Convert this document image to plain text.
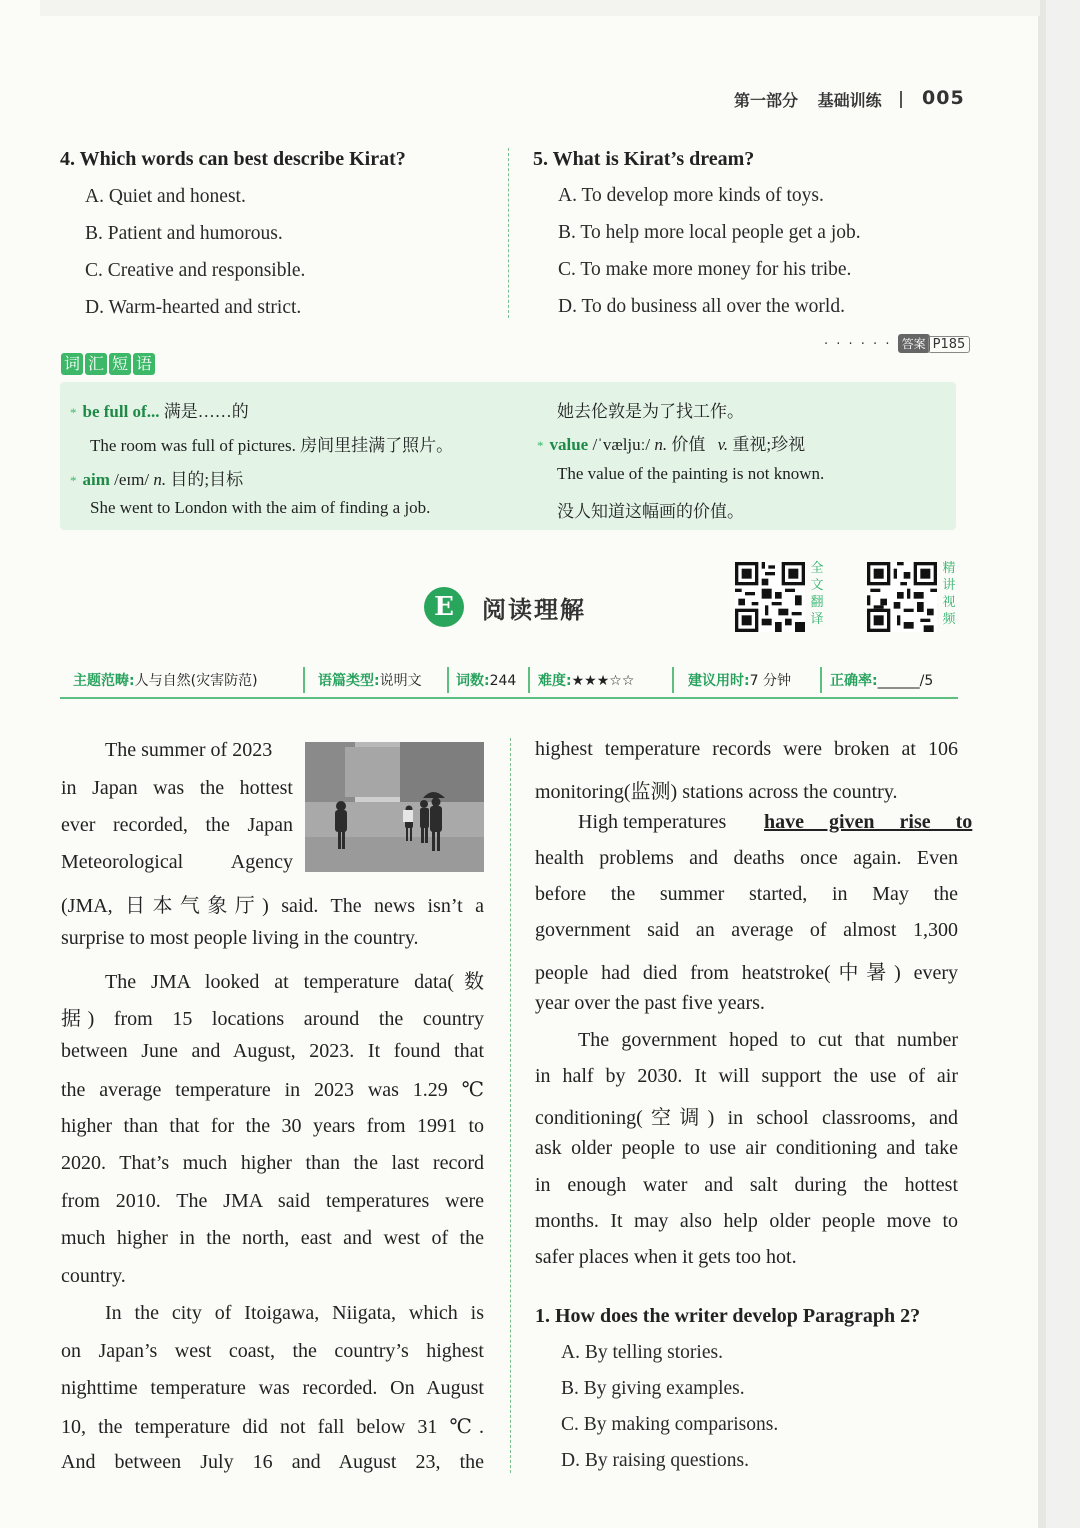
第一部分 基础训练 005
4. Which words can best describe Kirat?
A. Quiet and honest.
B. Patient and humorous.
C. Creative and responsible.
D. Warm-hearted and strict.
5. What is Kirat’s dream?
A. To develop more kinds of toys.
B. To help more local people get a job.
C. To make more money for his tribe.
D. To do business all over the world.
· · · · · · 答案 P185
词 汇 短 语
* be full of... 满是……的
The room was full of pictures. 房间里挂满了照片。
* aim /eɪm/ n. 目的;目标
She went to London with the aim of finding a job.
她去伦敦是为了找工作。
* value /ˈvæljuː/ n. 价值 v. 重视;珍视
The value of the painting is not known.
没人知道这幅画的价值。
全
文
翻
译
精
讲
视
频
E	阅读理解
主题范畴:人与自然(灾害防范)	语篇类型:说明文 词数:244 难度:★★★☆☆	建议用时:7 分钟	正确率:______/5
The summer of 2023
in Japan was the hottest
ever recorded, the Japan
Meteorological Agency
(JMA, 日本气象厅) said. The news isn’t a
surprise to most people living in the country.
The JMA looked at temperature data(数
据) from 15 locations around the country
between June and August, 2023. It found that
the average temperature in 2023 was 1.29 ℃
higher than that for the 30 years from 1991 to
2020. That’s much higher than the last record
from 2010. The JMA said temperatures were
much higher in the north, east and west of the
country.
In the city of Itoigawa, Niigata, which is
on Japan’s west coast, the country’s highest
nighttime temperature was recorded. On August
10, the temperature did not fall below 31 ℃.
And between July 16 and August 23, the
highest temperature records were broken at 106
monitoring(监测) stations across the country.
High temperatures have given rise to
health problems and deaths once again. Even
before the summer started, in May the
government said an average of almost 1,300
people had died from heatstroke(中暑) every
year over the past five years.
The government hoped to cut that number
in half by 2030. It will support the use of air
conditioning(空调) in school classrooms, and
ask older people to use air conditioning and take
in enough water and salt during the hottest
months. It may also help older people move to
safer places when it gets too hot.
1. How does the writer develop Paragraph 2?
A. By telling stories.
B. By giving examples.
C. By making comparisons.
D. By raising questions.
